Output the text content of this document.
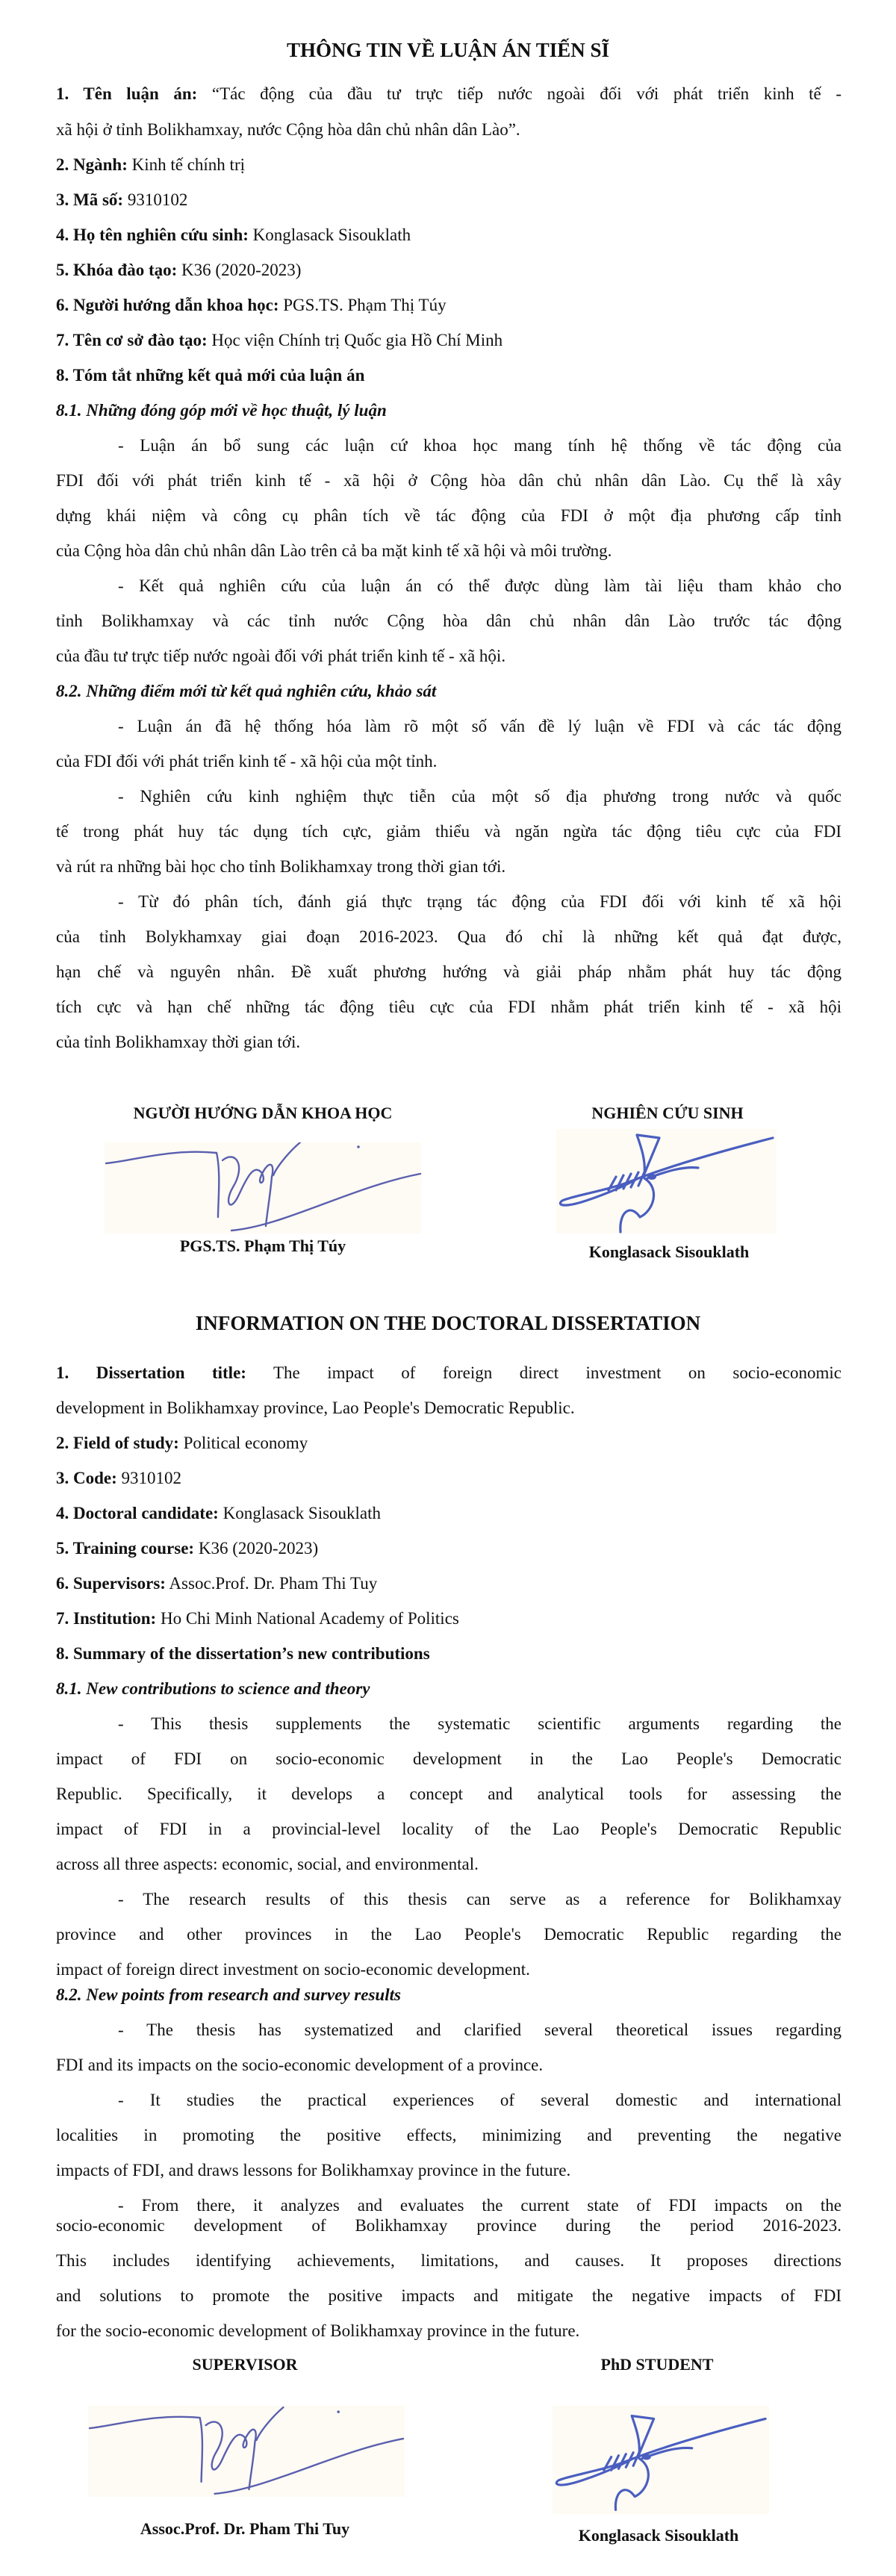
THÔNG TIN VỀ LUẬN ÁN TIẾN SĨ
1. Tên luận án: “Tác động của đầu tư trực tiếp nước ngoài đối với phát triển kinh tế -
xã hội ở tỉnh Bolikhamxay, nước Cộng hòa dân chủ nhân dân Lào”.
2. Ngành: Kinh tế chính trị
3. Mã số: 9310102
4. Họ tên nghiên cứu sinh: Konglasack Sisouklath
5. Khóa đào tạo: K36 (2020-2023)
6. Người hướng dẫn khoa học: PGS.TS. Phạm Thị Túy
7. Tên cơ sở đào tạo: Học viện Chính trị Quốc gia Hồ Chí Minh
8. Tóm tắt những kết quả mới của luận án
8.1. Những đóng góp mới về học thuật, lý luận
- Luận án bổ sung các luận cứ khoa học mang tính hệ thống về tác động của
FDI đối với phát triển kinh tế - xã hội ở Cộng hòa dân chủ nhân dân Lào. Cụ thể là xây
dựng khái niệm và công cụ phân tích về tác động của FDI ở một địa phương cấp tỉnh
của Cộng hòa dân chủ nhân dân Lào trên cả ba mặt kinh tế xã hội và môi trường.
- Kết quả nghiên cứu của luận án có thể được dùng làm tài liệu tham khảo cho
tỉnh Bolikhamxay và các tỉnh nước Cộng hòa dân chủ nhân dân Lào trước tác động
của đầu tư trực tiếp nước ngoài đối với phát triển kinh tế - xã hội.
8.2. Những điểm mới từ kết quả nghiên cứu, khảo sát
- Luận án đã hệ thống hóa làm rõ một số vấn đề lý luận về FDI và các tác động
của FDI đối với phát triển kinh tế - xã hội của một tỉnh.
- Nghiên cứu kinh nghiệm thực tiễn của một số địa phương trong nước và quốc
tế trong phát huy tác dụng tích cực, giảm thiểu và ngăn ngừa tác động tiêu cực của FDI
và rút ra những bài học cho tỉnh Bolikhamxay trong thời gian tới.
- Từ đó phân tích, đánh giá thực trạng tác động của FDI đối với kinh tế xã hội
của tỉnh Bolykhamxay giai đoạn 2016-2023. Qua đó chỉ là những kết quả đạt được,
hạn chế và nguyên nhân. Đề xuất phương hướng và giải pháp nhằm phát huy tác động
tích cực và hạn chế những tác động tiêu cực của FDI nhằm phát triển kinh tế - xã hội
của tỉnh Bolikhamxay thời gian tới.
NGƯỜI HƯỚNG DẪN KHOA HỌC	NGHIÊN CỨU SINH
PGS.TS. Phạm Thị Túy	Konglasack Sisouklath
INFORMATION ON THE DOCTORAL DISSERTATION
1. Dissertation title: The impact of foreign direct investment on socio-economic
development in Bolikhamxay province, Lao People's Democratic Republic.
2. Field of study: Political economy
3. Code: 9310102
4. Doctoral candidate: Konglasack Sisouklath
5. Training course: K36 (2020-2023)
6. Supervisors: Assoc.Prof. Dr. Pham Thi Tuy
7. Institution: Ho Chi Minh National Academy of Politics
8. Summary of the dissertation’s new contributions
8.1. New contributions to science and theory
- This thesis supplements the systematic scientific arguments regarding the
impact of FDI on socio-economic development in the Lao People's Democratic
Republic. Specifically, it develops a concept and analytical tools for assessing the
impact of FDI in a provincial-level locality of the Lao People's Democratic Republic
across all three aspects: economic, social, and environmental.
- The research results of this thesis can serve as a reference for Bolikhamxay
province and other provinces in the Lao People's Democratic Republic regarding the
impact of foreign direct investment on socio-economic development.
8.2. New points from research and survey results
- The thesis has systematized and clarified several theoretical issues regarding
FDI and its impacts on the socio-economic development of a province.
- It studies the practical experiences of several domestic and international
localities in promoting the positive effects, minimizing and preventing the negative
impacts of FDI, and draws lessons for Bolikhamxay province in the future.
- From there, it analyzes and evaluates the current state of FDI impacts on the
socio-economic development of Bolikhamxay province during the period 2016-2023.
This includes identifying achievements, limitations, and causes. It proposes directions
and solutions to promote the positive impacts and mitigate the negative impacts of FDI
for the socio-economic development of Bolikhamxay province in the future.
SUPERVISOR	PhD STUDENT
Assoc.Prof. Dr. Pham Thi Tuy	Konglasack Sisouklath
